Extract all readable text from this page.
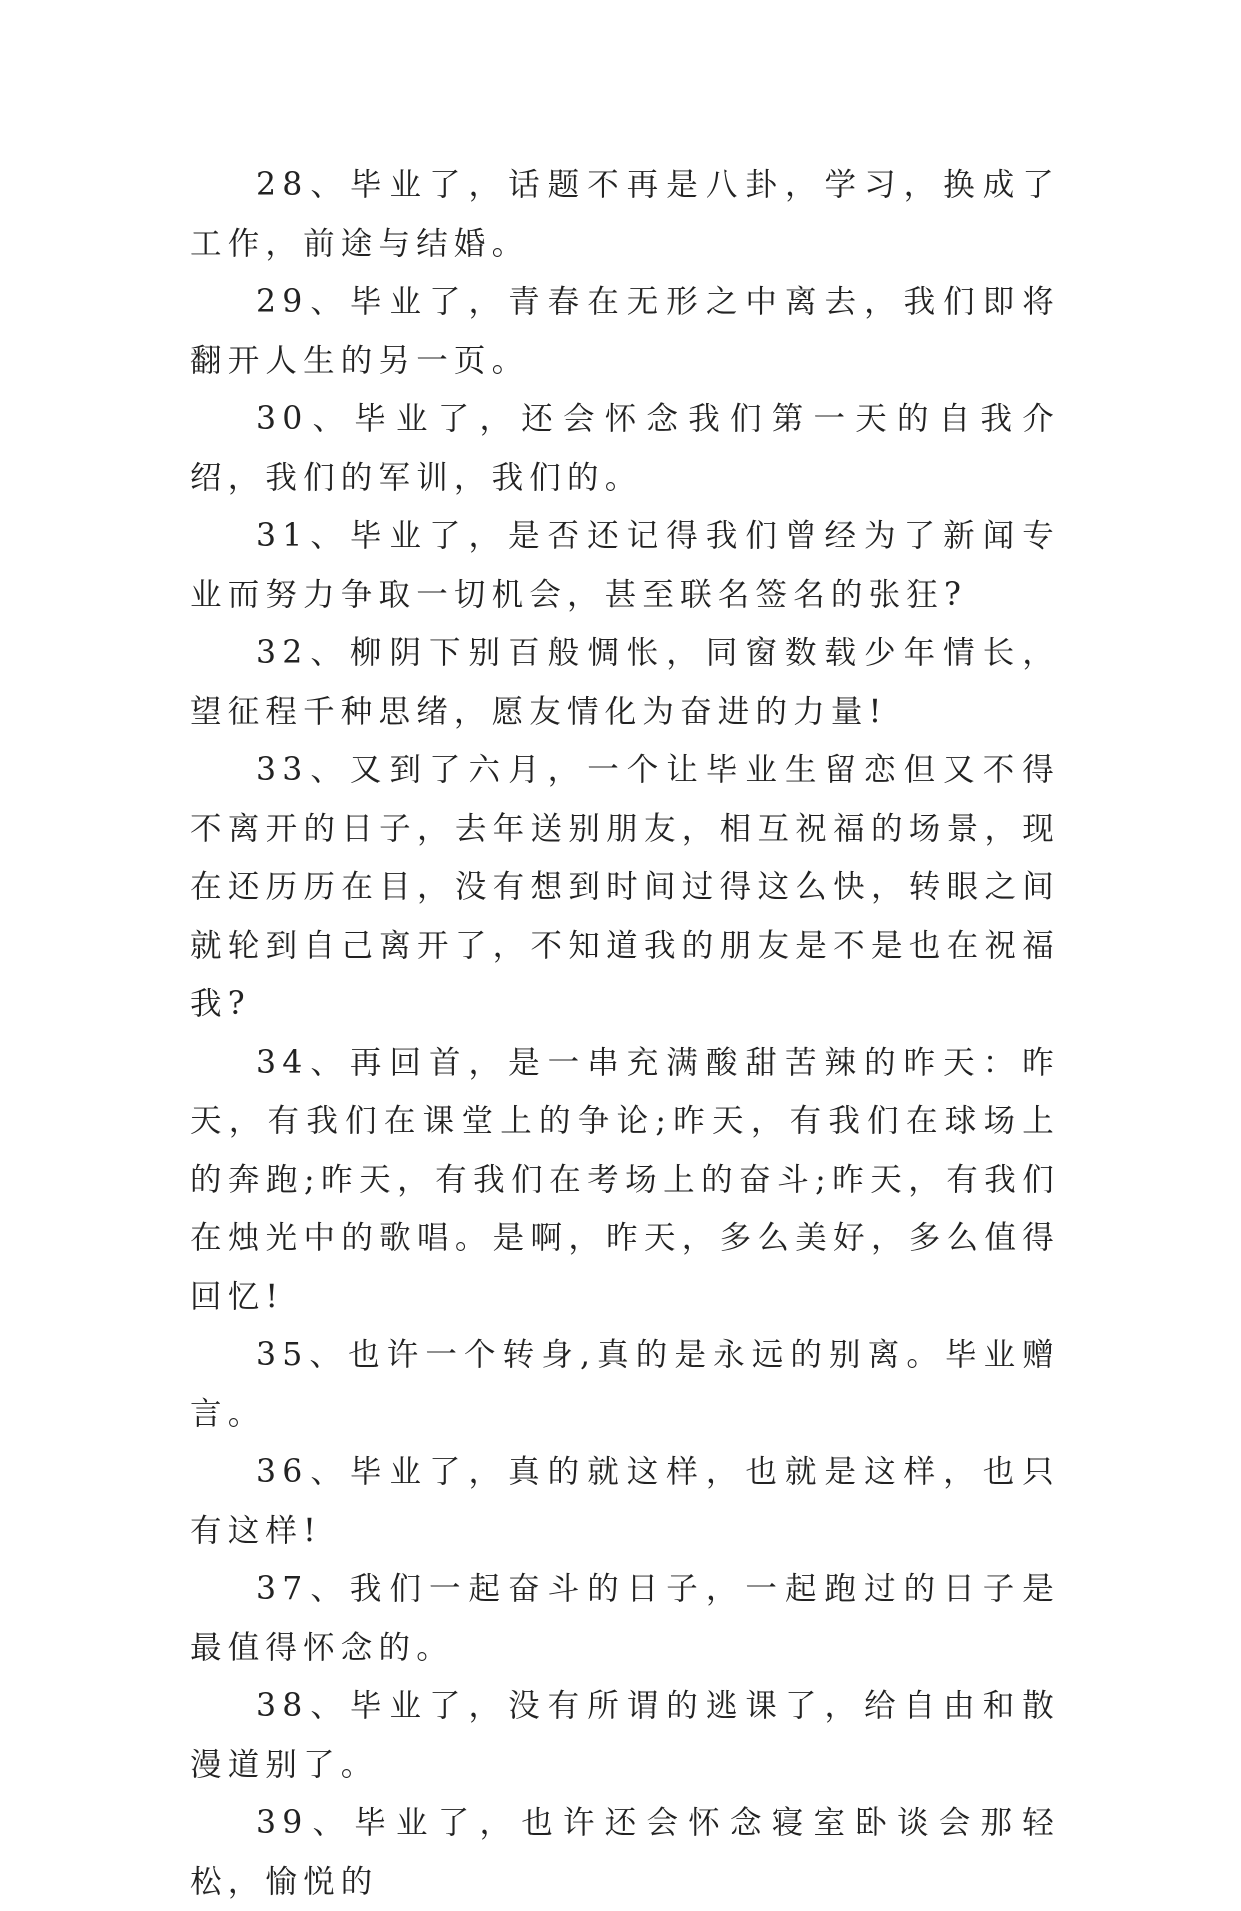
28、毕业了，话题不再是八卦，学习，换成了工作，前途与结婚。

29、毕业了，青春在无形之中离去，我们即将翻开人生的另一页。

30、毕业了，还会怀念我们第一天的自我介绍，我们的军训，我们的。

31、毕业了，是否还记得我们曾经为了新闻专业而努力争取一切机会，甚至联名签名的张狂?

32、柳阴下别百般惆怅，同窗数载少年情长，望征程千种思绪，愿友情化为奋进的力量!

33、又到了六月，一个让毕业生留恋但又不得不离开的日子，去年送别朋友，相互祝福的场景，现在还历历在目，没有想到时间过得这么快，转眼之间就轮到自己离开了，不知道我的朋友是不是也在祝福我?

34、再回首，是一串充满酸甜苦辣的昨天：昨天，有我们在课堂上的争论;昨天，有我们在球场上的奔跑;昨天，有我们在考场上的奋斗;昨天，有我们在烛光中的歌唱。是啊，昨天，多么美好，多么值得回忆!

35、也许一个转身,真的是永远的别离。毕业赠言。

36、毕业了，真的就这样，也就是这样，也只有这样!

37、我们一起奋斗的日子，一起跑过的日子是最值得怀念的。

38、毕业了，没有所谓的逃课了，给自由和散漫道别了。

39、毕业了，也许还会怀念寝室卧谈会那轻松，愉悦的
